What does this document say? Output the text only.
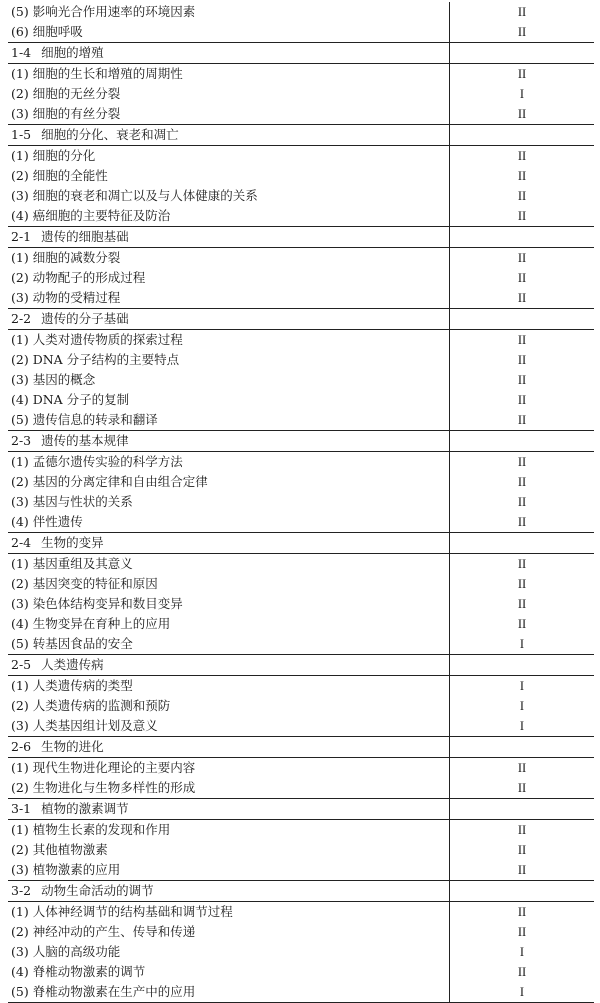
(5) 影响光合作用速率的环境因素	II
(6) 细胞呼吸	II
1-4 细胞的增殖
(1) 细胞的生长和增殖的周期性	II
(2) 细胞的无丝分裂	I
(3) 细胞的有丝分裂	II
1-5 细胞的分化、衰老和凋亡
(1) 细胞的分化	II
(2) 细胞的全能性	II
(3) 细胞的衰老和凋亡以及与人体健康的关系	II
(4) 癌细胞的主要特征及防治	II
2-1 遗传的细胞基础
(1) 细胞的减数分裂	II
(2) 动物配子的形成过程	II
(3) 动物的受精过程	II
2-2 遗传的分子基础
(1) 人类对遗传物质的探索过程	II
(2) DNA 分子结构的主要特点	II
(3) 基因的概念	II
(4) DNA 分子的复制	II
(5) 遗传信息的转录和翻译	II
2-3 遗传的基本规律
(1) 孟德尔遗传实验的科学方法	II
(2) 基因的分离定律和自由组合定律	II
(3) 基因与性状的关系	II
(4) 伴性遗传	II
2-4 生物的变异
(1) 基因重组及其意义	II
(2) 基因突变的特征和原因	II
(3) 染色体结构变异和数目变异	II
(4) 生物变异在育种上的应用	II
(5) 转基因食品的安全	I
2-5 人类遗传病
(1) 人类遗传病的类型	I
(2) 人类遗传病的监测和预防	I
(3) 人类基因组计划及意义	I
2-6 生物的进化
(1) 现代生物进化理论的主要内容	II
(2) 生物进化与生物多样性的形成	II
3-1 植物的激素调节
(1) 植物生长素的发现和作用	II
(2) 其他植物激素	II
(3) 植物激素的应用	II
3-2 动物生命活动的调节
(1) 人体神经调节的结构基础和调节过程	II
(2) 神经冲动的产生、传导和传递	II
(3) 人脑的高级功能	I
(4) 脊椎动物激素的调节	II
(5) 脊椎动物激素在生产中的应用	I
